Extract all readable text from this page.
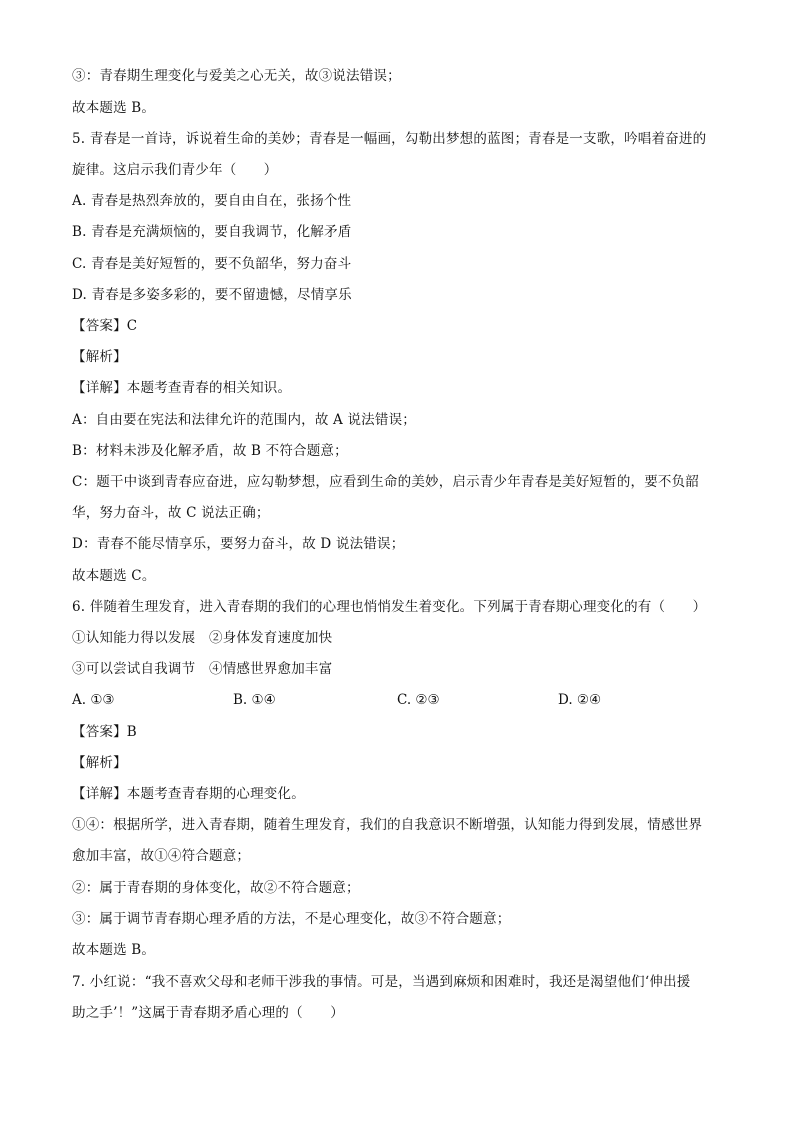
③：青春期生理变化与爱美之心无关，故③说法错误；
故本题选 B。
5. 青春是一首诗，诉说着生命的美妙；青春是一幅画，勾勒出梦想的蓝图；青春是一支歌，吟唱着奋进的
旋律。这启示我们青少年（　　）
A. 青春是热烈奔放的，要自由自在，张扬个性
B. 青春是充满烦恼的，要自我调节，化解矛盾
C. 青春是美好短暂的，要不负韶华，努力奋斗
D. 青春是多姿多彩的，要不留遗憾，尽情享乐
【答案】C
【解析】
【详解】本题考查青春的相关知识。
A：自由要在宪法和法律允许的范围内，故 A 说法错误；
B：材料未涉及化解矛盾，故 B 不符合题意；
C：题干中谈到青春应奋进，应勾勒梦想，应看到生命的美妙，启示青少年青春是美好短暂的，要不负韶
华，努力奋斗，故 C 说法正确；
D：青春不能尽情享乐，要努力奋斗，故 D 说法错误；
故本题选 C。
6. 伴随着生理发育，进入青春期的我们的心理也悄悄发生着变化。下列属于青春期心理变化的有（　　）
①认知能力得以发展　②身体发育速度加快
③可以尝试自我调节　④情感世界愈加丰富
A. ①③	B. ①④	C. ②③	D. ②④
【答案】B
【解析】
【详解】本题考查青春期的心理变化。
①④：根据所学，进入青春期，随着生理发育，我们的自我意识不断增强，认知能力得到发展，情感世界
愈加丰富，故①④符合题意；
②：属于青春期的身体变化，故②不符合题意；
③：属于调节青春期心理矛盾的方法，不是心理变化，故③不符合题意；
故本题选 B。
7. 小红说：“我不喜欢父母和老师干涉我的事情。可是，当遇到麻烦和困难时，我还是渴望他们‘伸出援
助之手’！”这属于青春期矛盾心理的（　　）
